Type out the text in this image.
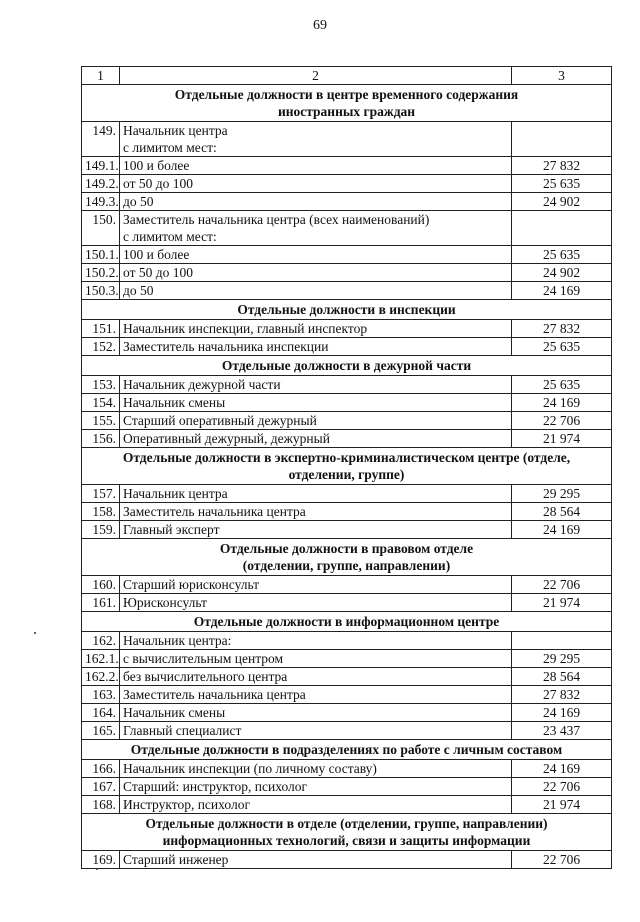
69
1	2	3

Отдельные должности в центре временного содержания
иностранных граждан		

149.	Начальник центра
с лимитом мест:	

149.1.	100 и более	27 832
149.2.	от 50 до 100	25 635
149.3.	до 50	24 902
150.	Заместитель начальника центра (всех наименований)
с лимитом мест:	

150.1.	100 и более	25 635
150.2.	от 50 до 100	24 902
150.3.	до 50	24 169

Отдельные должности в инспекции		

151.	Начальник инспекции, главный инспектор	27 832
152.	Заместитель начальника инспекции	25 635

Отдельные должности в дежурной части		

153.	Начальник дежурной части	25 635
154.	Начальник смены	24 169
155.	Старший оперативный дежурный	22 706
156.	Оперативный дежурный, дежурный	21 974

Отдельные должности в экспертно-криминалистическом центре (отделе,
отделении, группе)		

157.	Начальник центра	29 295
158.	Заместитель начальника центра	28 564
159.	Главный эксперт	24 169

Отдельные должности в правовом отделе
(отделении, группе, направлении)		

160.	Старший юрисконсульт	22 706
161.	Юрисконсульт	21 974

Отдельные должности в информационном центре		

162.	Начальник центра:	

162.1.	с вычислительным центром	29 295
162.2.	без вычислительного центра	28 564
163.	Заместитель начальника центра	27 832
164.	Начальник смены	24 169
165.	Главный специалист	23 437

Отдельные должности в подразделениях по работе с личным составом		

166.	Начальник инспекции (по личному составу)	24 169
167.	Старший: инструктор, психолог	22 706
168.	Инструктор, психолог	21 974

Отдельные должности в отделе (отделении, группе, направлении)
информационных технологий, связи и защиты информации		

169.	Старший инженер	22 706
